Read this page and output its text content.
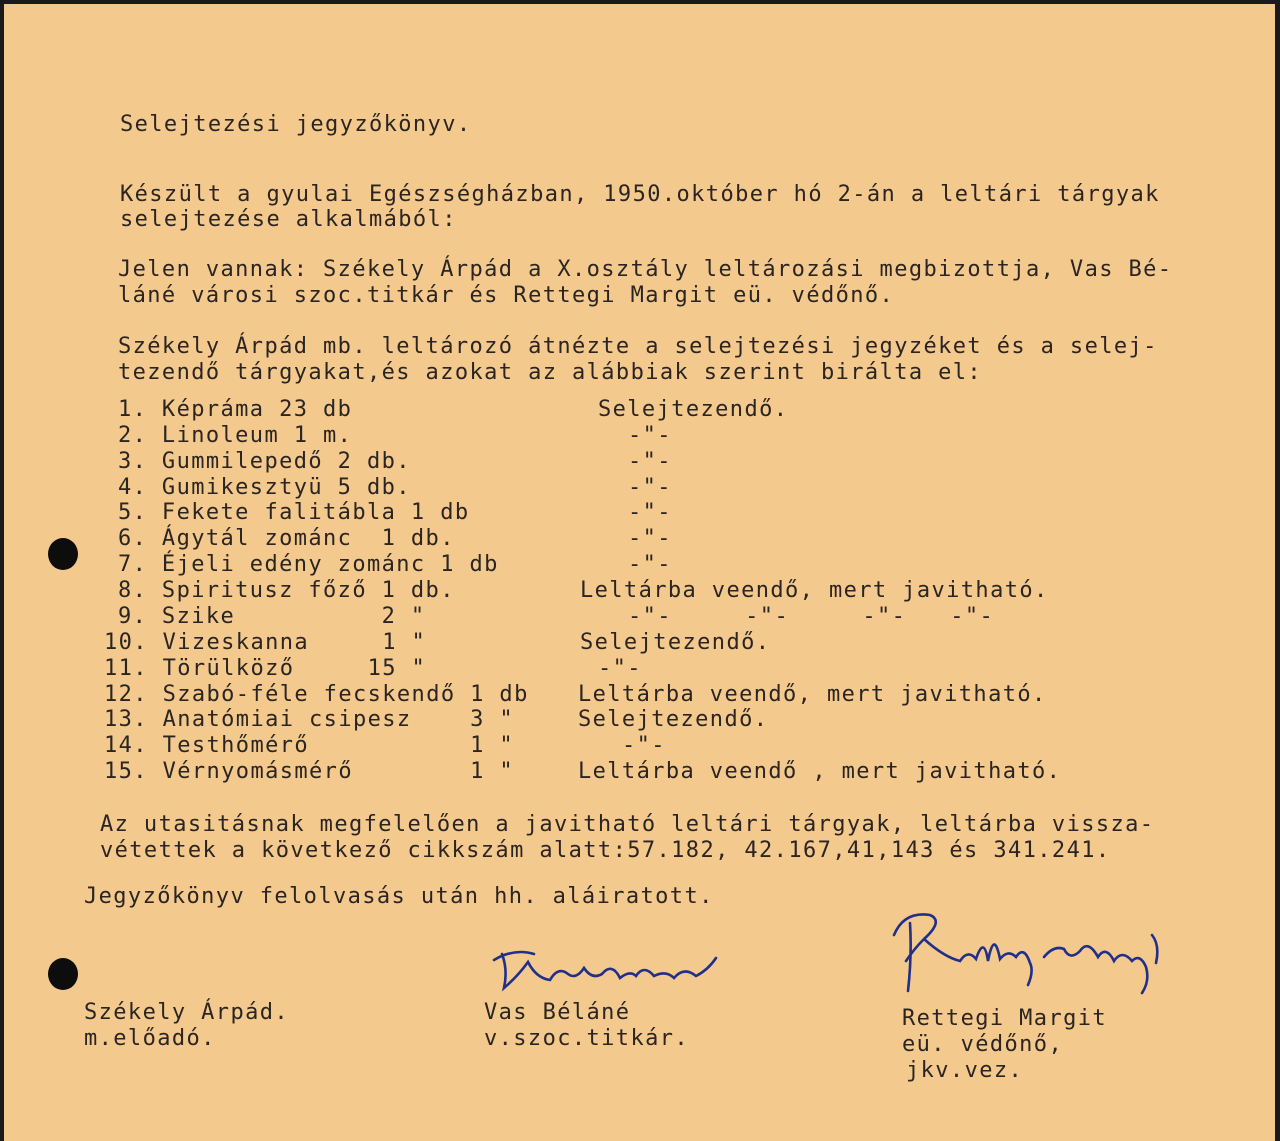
Selejtezési jegyzőkönyv.
Készült a gyulai Egészségházban, 1950.október hó 2-án a leltári tárgyak
selejtezése alkalmából:
Jelen vannak: Székely Árpád a X.osztály leltározási megbizottja, Vas Bé-
láné városi szoc.titkár és Rettegi Margit eü. védőnő.
Székely Árpád mb. leltározó átnézte a selejtezési jegyzéket és a selej-
tezendő tárgyakat,és azokat az alábbiak szerint birálta el:
1. Képráma 23 db	Selejtezendő.
2. Linoleum 1 m.	-"-
3. Gummilepedő 2 db.	-"-
4. Gumikesztyü 5 db.	-"-
5. Fekete falitábla 1 db	-"-
6. Ágytál zománc  1 db.	-"-
7. Éjeli edény zománc 1 db	-"-
8. Spiritusz főző 1 db.	Leltárba veendő, mert javitható.
9. Szike          2 "	-"-     -"-     -"-   -"-
10. Vizeskanna     1 "	Selejtezendő.
11. Törülköző     15 "	-"-
12. Szabó-féle fecskendő 1 db Leltárba veendő, mert javitható.
13. Anatómiai csipesz    3 "	Selejtezendő.
14. Testhőmérő           1 "	-"-
15. Vérnyomásmérő        1 "	Leltárba veendő , mert javitható.
Az utasitásnak megfelelően a javitható leltári tárgyak, leltárba vissza-
vétettek a következő cikkszám alatt:57.182, 42.167,41,143 és 341.241.
Jegyzőkönyv felolvasás után hh. aláiratott.
Székely Árpád.
m.előadó.
Vas Béláné
v.szoc.titkár.
Rettegi Margit
eü. védőnő,
jkv.vez.
